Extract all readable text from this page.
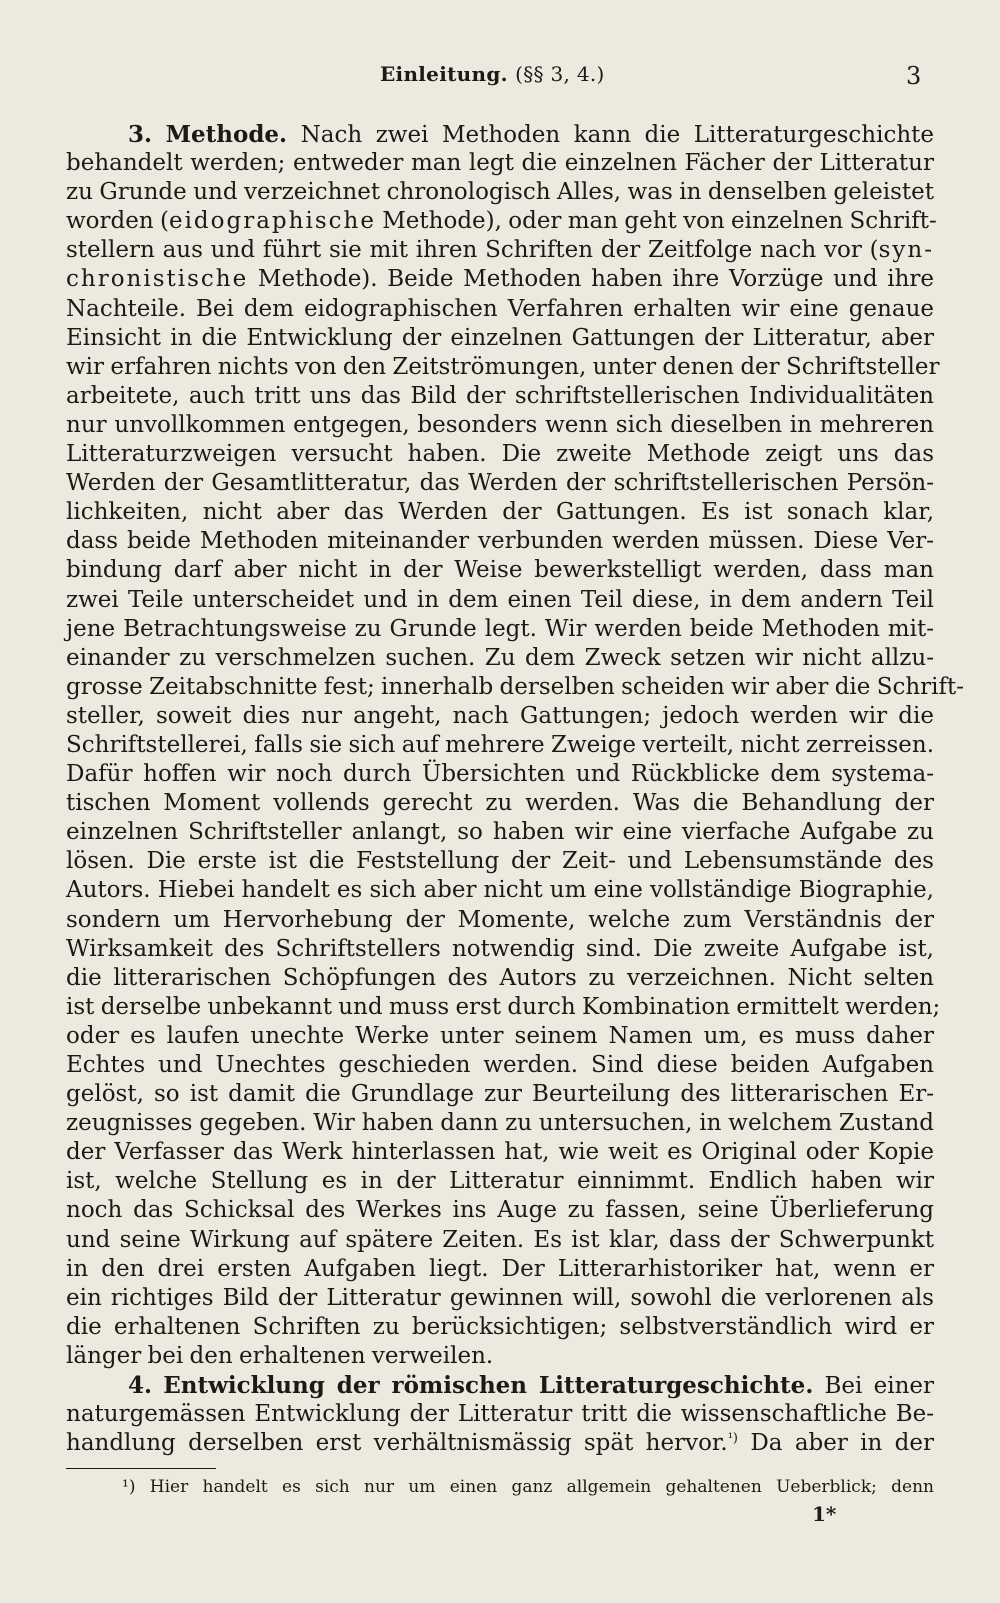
Einleitung. (§§ 3, 4.)	3
3. Methode. Nach zwei Methoden kann die Litteraturgeschichte
behandelt werden; entweder man legt die einzelnen Fächer der Litteratur
zu Grunde und verzeichnet chronologisch Alles, was in denselben geleistet
worden (eidographische Methode), oder man geht von einzelnen Schrift-
stellern aus und führt sie mit ihren Schriften der Zeitfolge nach vor (syn-
chronistische Methode). Beide Methoden haben ihre Vorzüge und ihre
Nachteile. Bei dem eidographischen Verfahren erhalten wir eine genaue
Einsicht in die Entwicklung der einzelnen Gattungen der Litteratur, aber
wir erfahren nichts von den Zeitströmungen, unter denen der Schriftsteller
arbeitete, auch tritt uns das Bild der schriftstellerischen Individualitäten
nur unvollkommen entgegen, besonders wenn sich dieselben in mehreren
Litteraturzweigen versucht haben. Die zweite Methode zeigt uns das
Werden der Gesamtlitteratur, das Werden der schriftstellerischen Persön-
lichkeiten, nicht aber das Werden der Gattungen. Es ist sonach klar,
dass beide Methoden miteinander verbunden werden müssen. Diese Ver-
bindung darf aber nicht in der Weise bewerkstelligt werden, dass man
zwei Teile unterscheidet und in dem einen Teil diese, in dem andern Teil
jene Betrachtungsweise zu Grunde legt. Wir werden beide Methoden mit-
einander zu verschmelzen suchen. Zu dem Zweck setzen wir nicht allzu-
grosse Zeitabschnitte fest; innerhalb derselben scheiden wir aber die Schrift-
steller, soweit dies nur angeht, nach Gattungen; jedoch werden wir die
Schriftstellerei, falls sie sich auf mehrere Zweige verteilt, nicht zerreissen.
Dafür hoffen wir noch durch Übersichten und Rückblicke dem systema-
tischen Moment vollends gerecht zu werden. Was die Behandlung der
einzelnen Schriftsteller anlangt, so haben wir eine vierfache Aufgabe zu
lösen. Die erste ist die Feststellung der Zeit- und Lebensumstände des
Autors. Hiebei handelt es sich aber nicht um eine vollständige Biographie,
sondern um Hervorhebung der Momente, welche zum Verständnis der
Wirksamkeit des Schriftstellers notwendig sind. Die zweite Aufgabe ist,
die litterarischen Schöpfungen des Autors zu verzeichnen. Nicht selten
ist derselbe unbekannt und muss erst durch Kombination ermittelt werden;
oder es laufen unechte Werke unter seinem Namen um, es muss daher
Echtes und Unechtes geschieden werden. Sind diese beiden Aufgaben
gelöst, so ist damit die Grundlage zur Beurteilung des litterarischen Er-
zeugnisses gegeben. Wir haben dann zu untersuchen, in welchem Zustand
der Verfasser das Werk hinterlassen hat, wie weit es Original oder Kopie
ist, welche Stellung es in der Litteratur einnimmt. Endlich haben wir
noch das Schicksal des Werkes ins Auge zu fassen, seine Überlieferung
und seine Wirkung auf spätere Zeiten. Es ist klar, dass der Schwerpunkt
in den drei ersten Aufgaben liegt. Der Litterarhistoriker hat, wenn er
ein richtiges Bild der Litteratur gewinnen will, sowohl die verlorenen als
die erhaltenen Schriften zu berücksichtigen; selbstverständlich wird er
länger bei den erhaltenen verweilen.
4. Entwicklung der römischen Litteraturgeschichte. Bei einer
naturgemässen Entwicklung der Litteratur tritt die wissenschaftliche Be-
handlung derselben erst verhältnismässig spät hervor.$^{^1)}$ Da aber in der
¹) Hier handelt es sich nur um einen ganz allgemein gehaltenen Ueberblick; denn
1*
